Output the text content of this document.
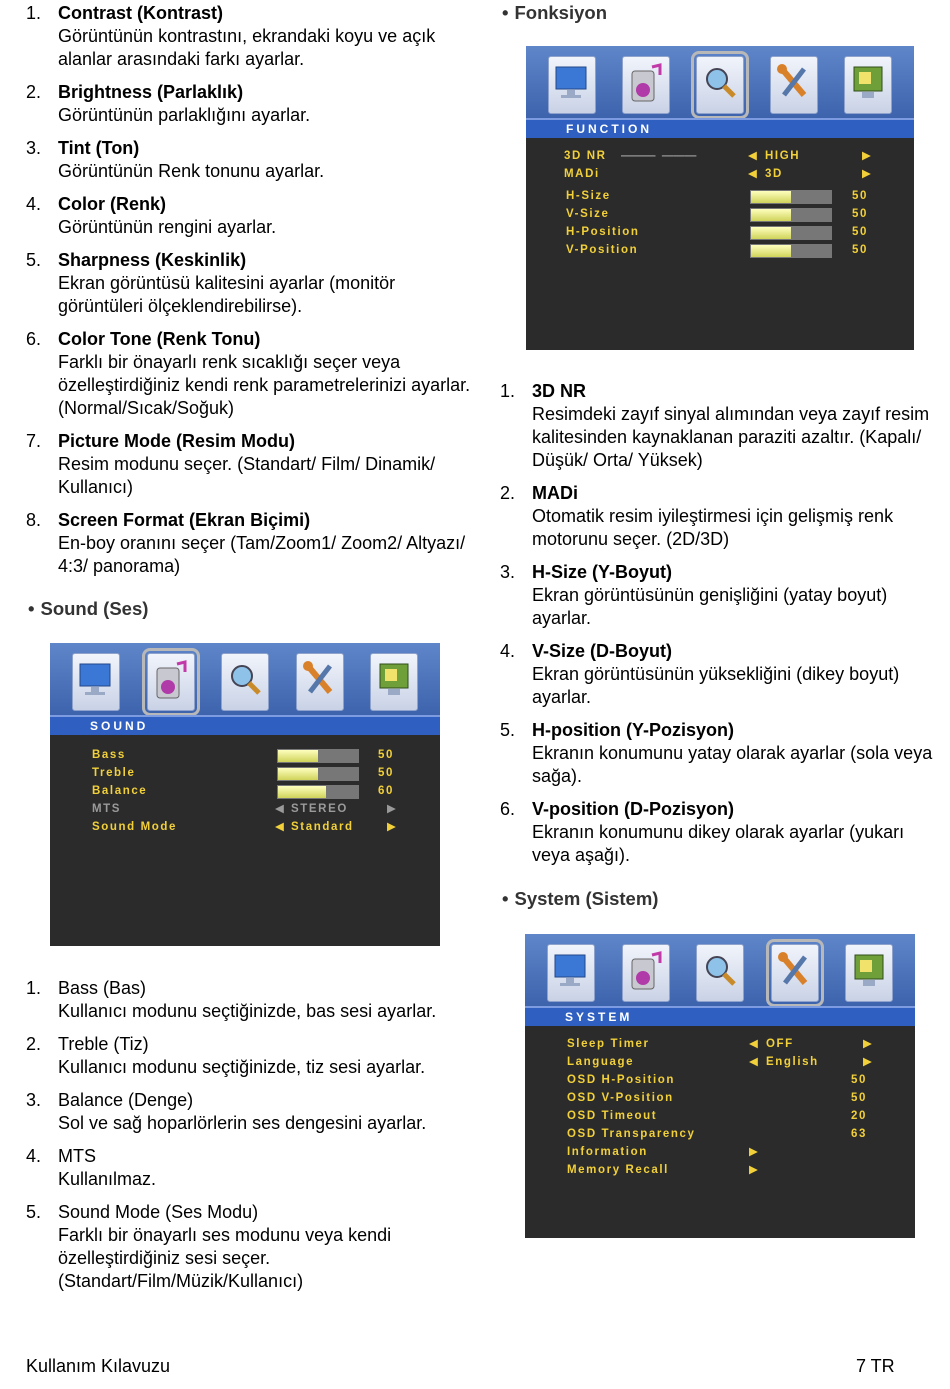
1. Contrast (Kontrast)
Görüntünün kontrastını, ekrandaki koyu ve açık alanlar arasındaki farkı ayarlar.
2. Brightness (Parlaklık)
Görüntünün parlaklığını ayarlar.
3. Tint (Ton)
Görüntünün Renk tonunu ayarlar.
4. Color (Renk)
Görüntünün rengini ayarlar.
5. Sharpness (Keskinlik)
Ekran görüntüsü kalitesini ayarlar (monitör görüntüleri ölçeklendirebilirse).
6. Color Tone (Renk Tonu)
Farklı bir önayarlı renk sıcaklığı seçer veya özelleştirdiğiniz kendi renk parametrelerinizi ayarlar. (Normal/Sıcak/Soğuk)
7. Picture Mode (Resim Modu)
Resim modunu seçer. (Standart/ Film/ Dinamik/ Kullanıcı)
8. Screen Format (Ekran Biçimi)
En-boy oranını seçer (Tam/Zoom1/ Zoom2/ Altyazı/ 4:3/ panorama)
• Sound (Ses)
SOUND
Bass	50
Treble	50
Balance	60
MTS	◀ STEREO	▶
Sound Mode	◀ Standard	▶
1. Bass (Bas)
Kullanıcı modunu seçtiğinizde, bas sesi ayarlar.
2. Treble (Tiz)
Kullanıcı modunu seçtiğinizde, tiz sesi ayarlar.
3. Balance (Denge)
Sol ve sağ hoparlörlerin ses dengesini ayarlar.
4. MTS
Kullanılmaz.
5. Sound Mode (Ses Modu)
Farklı bir önayarlı ses modunu veya kendi özelleştirdiğiniz sesi seçer. (Standart/Film/Müzik/Kullanıcı)
• Fonksiyon
FUNCTION
3D NR ———  ———	◀ HIGH	▶
MADi	◀ 3D	▶
H-Size	50
V-Size	50
H-Position	50
V-Position	50
1. 3D NR
Resimdeki zayıf sinyal alımından veya zayıf resim kalitesinden kaynaklanan paraziti azaltır. (Kapalı/ Düşük/ Orta/ Yüksek)
2. MADi
Otomatik resim iyileştirmesi için gelişmiş renk motorunu seçer. (2D/3D)
3. H-Size (Y-Boyut)
Ekran görüntüsünün genişliğini (yatay boyut) ayarlar.
4. V-Size (D-Boyut)
Ekran görüntüsünün yüksekliğini (dikey boyut) ayarlar.
5. H-position (Y-Pozisyon)
Ekranın konumunu yatay olarak ayarlar (sola veya sağa).
6. V-position (D-Pozisyon)
Ekranın konumunu dikey olarak ayarlar (yukarı veya aşağı).
• System (Sistem)
SYSTEM
Sleep Timer	◀ OFF	▶
Language	◀ English	▶
OSD H-Position	50
OSD V-Position	50
OSD Timeout	20
OSD Transparency	63
Information	▶
Memory Recall	▶
Kullanım Kılavuzu	7 TR
